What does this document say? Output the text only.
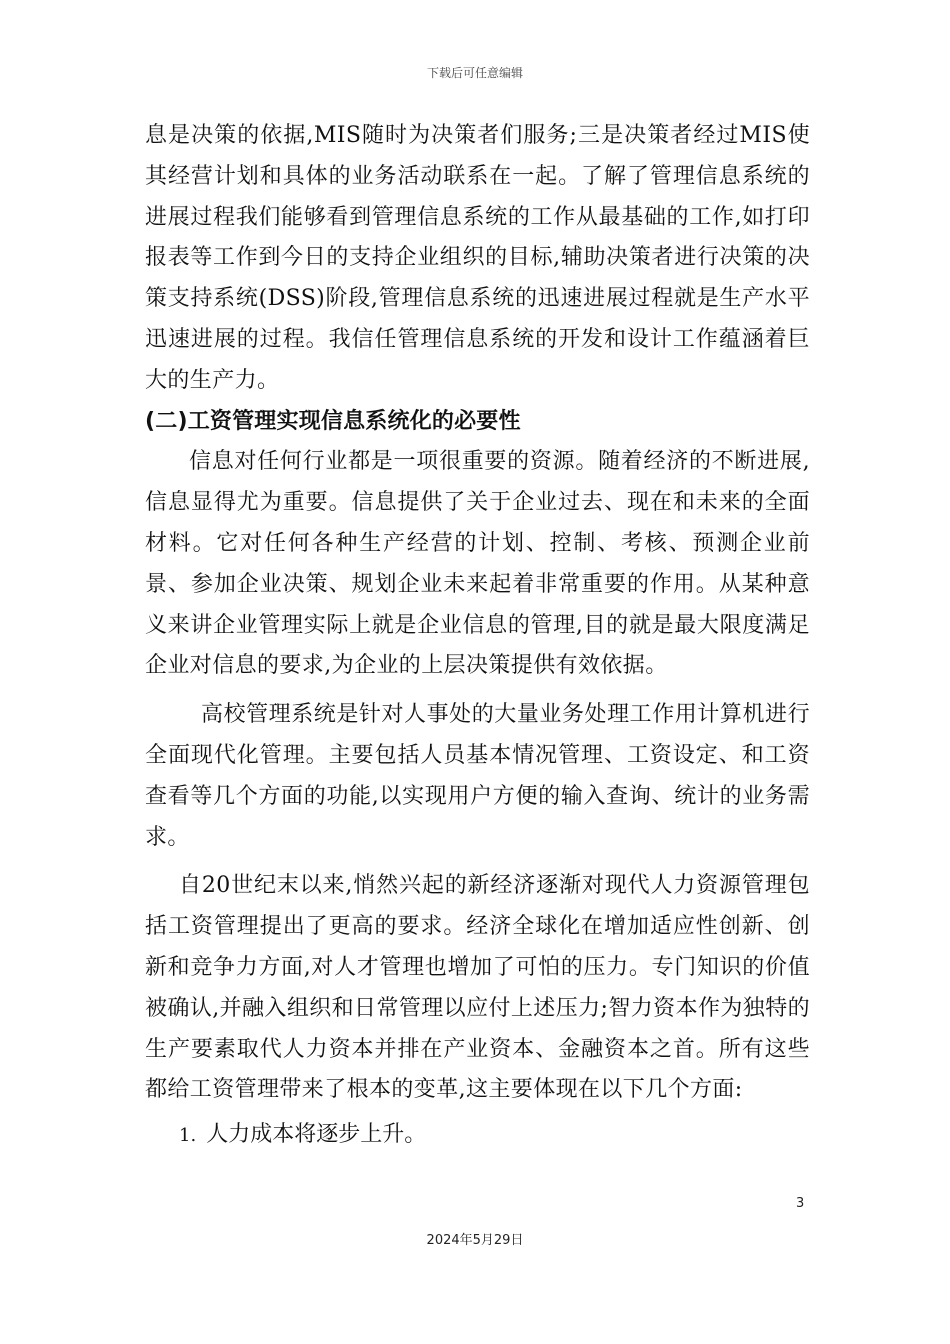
下载后可任意编辑

息是决策的依据,MIS随时为决策者们服务;三是决策者经过MIS使其经营计划和具体的业务活动联系在一起。了解了管理信息系统的进展过程我们能够看到管理信息系统的工作从最基础的工作,如打印报表等工作到今日的支持企业组织的目标,辅助决策者进行决策的决策支持系统(DSS)阶段,管理信息系统的迅速进展过程就是生产水平迅速进展的过程。我信任管理信息系统的开发和设计工作蕴涵着巨大的生产力。

(二)工资管理实现信息系统化的必要性

信息对任何行业都是一项很重要的资源。随着经济的不断进展,信息显得尤为重要。信息提供了关于企业过去、现在和未来的全面材料。它对任何各种生产经营的计划、控制、考核、预测企业前景、参加企业决策、规划企业未来起着非常重要的作用。从某种意义来讲企业管理实际上就是企业信息的管理,目的就是最大限度满足企业对信息的要求,为企业的上层决策提供有效依据。

高校管理系统是针对人事处的大量业务处理工作用计算机进行全面现代化管理。主要包括人员基本情况管理、工资设定、和工资查看等几个方面的功能,以实现用户方便的输入查询、统计的业务需求。

自20世纪末以来,悄然兴起的新经济逐渐对现代人力资源管理包括工资管理提出了更高的要求。经济全球化在增加适应性创新、创新和竞争力方面,对人才管理也增加了可怕的压力。专门知识的价值被确认,并融入组织和日常管理以应付上述压力;智力资本作为独特的生产要素取代人力资本并排在产业资本、金融资本之首。所有这些都给工资管理带来了根本的变革,这主要体现在以下几个方面:

1. 人力成本将逐步上升。
3
2024年5月29日
